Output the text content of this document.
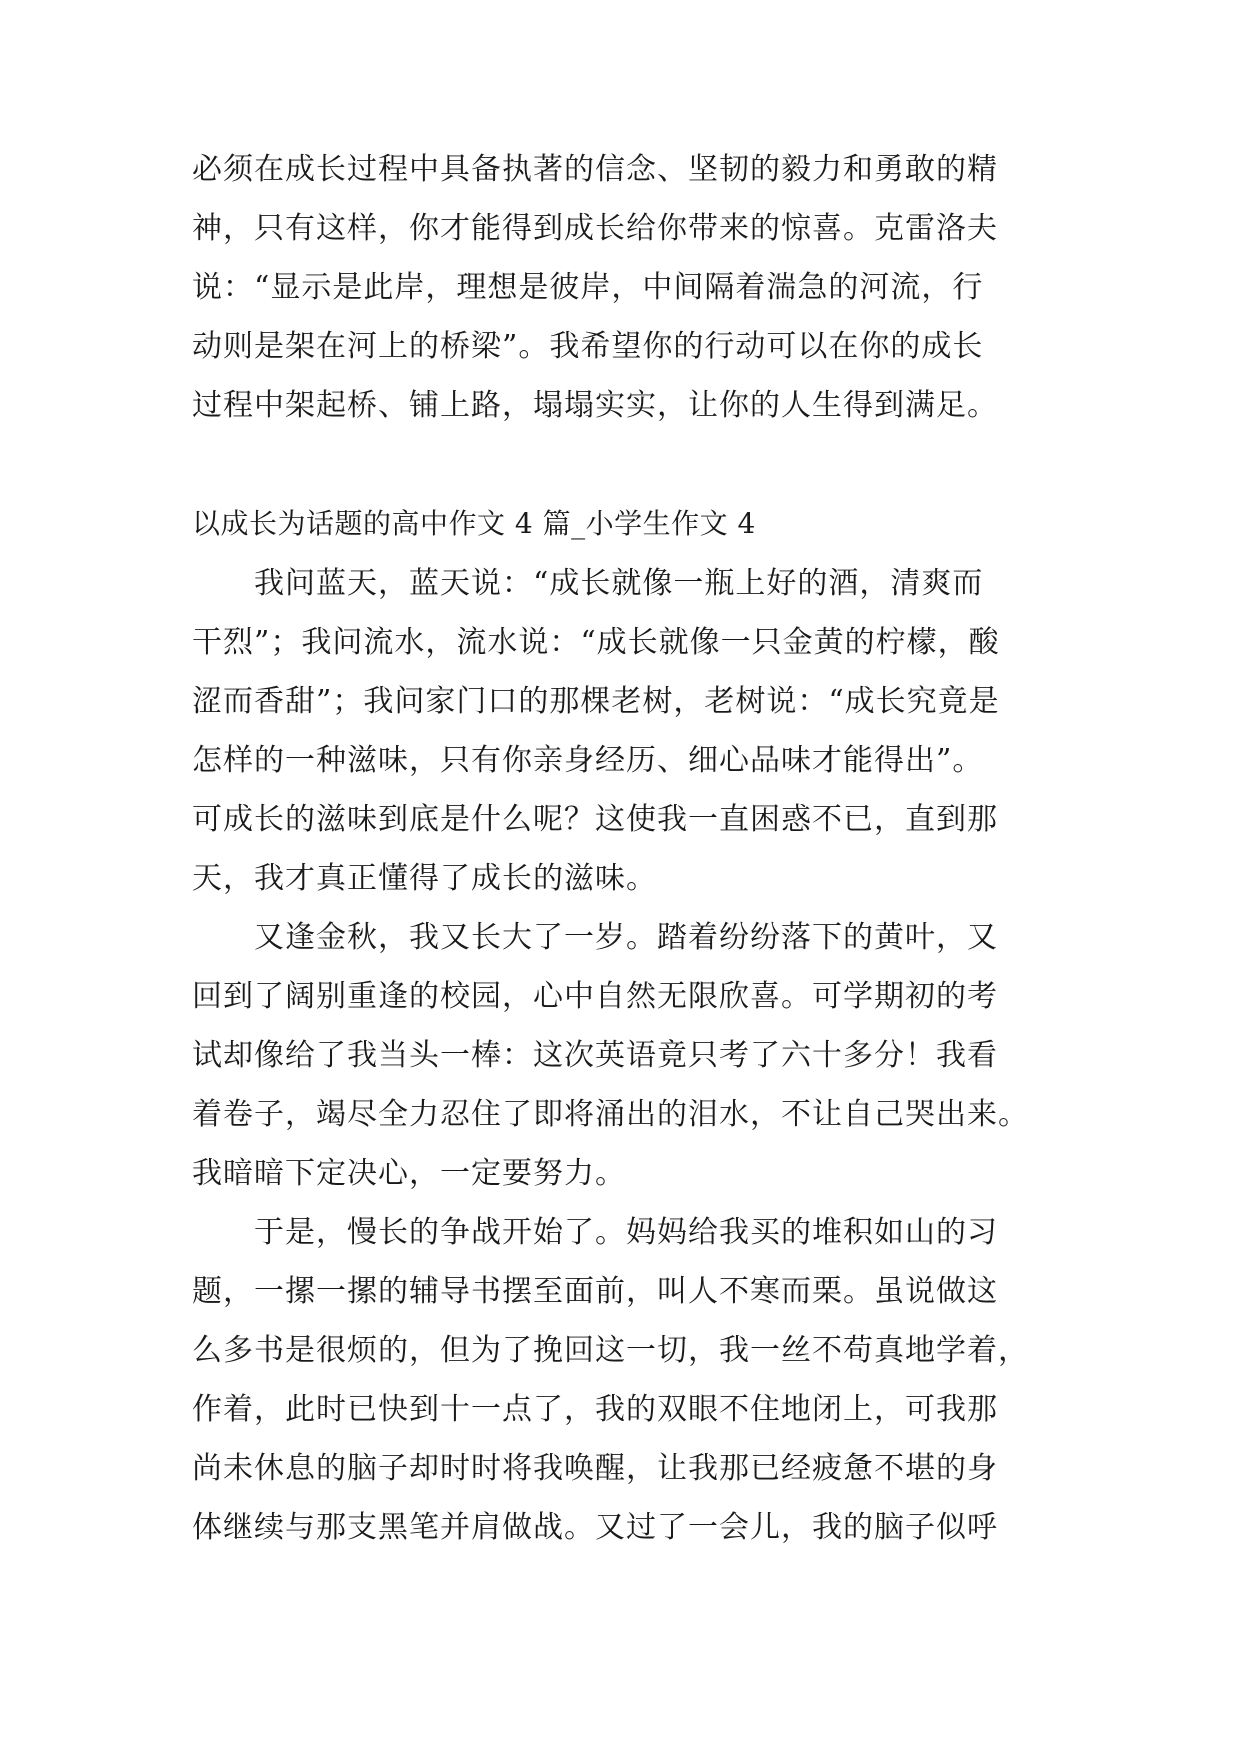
必须在成长过程中具备执著的信念、坚韧的毅力和勇敢的精
神，只有这样，你才能得到成长给你带来的惊喜。克雷洛夫
说：“显示是此岸，理想是彼岸，中间隔着湍急的河流，行
动则是架在河上的桥梁”。我希望你的行动可以在你的成长
过程中架起桥、铺上路，塌塌实实，让你的人生得到满足。
以成长为话题的高中作文 4 篇_小学生作文 4
　　我问蓝天，蓝天说：“成长就像一瓶上好的酒，清爽而
干烈”；我问流水，流水说：“成长就像一只金黄的柠檬，酸
涩而香甜”；我问家门口的那棵老树，老树说：“成长究竟是
怎样的一种滋味，只有你亲身经历、细心品味才能得出”。
可成长的滋味到底是什么呢？这使我一直困惑不已，直到那
天，我才真正懂得了成长的滋味。
　　又逢金秋，我又长大了一岁。踏着纷纷落下的黄叶，又
回到了阔别重逢的校园，心中自然无限欣喜。可学期初的考
试却像给了我当头一棒：这次英语竟只考了六十多分！我看
着卷子，竭尽全力忍住了即将涌出的泪水，不让自己哭出来。
我暗暗下定决心，一定要努力。
　　于是，慢长的争战开始了。妈妈给我买的堆积如山的习
题，一摞一摞的辅导书摆至面前，叫人不寒而栗。虽说做这
么多书是很烦的，但为了挽回这一切，我一丝不苟真地学着，
作着，此时已快到十一点了，我的双眼不住地闭上，可我那
尚未休息的脑子却时时将我唤醒，让我那已经疲惫不堪的身
体继续与那支黑笔并肩做战。又过了一会儿，我的脑子似呼
